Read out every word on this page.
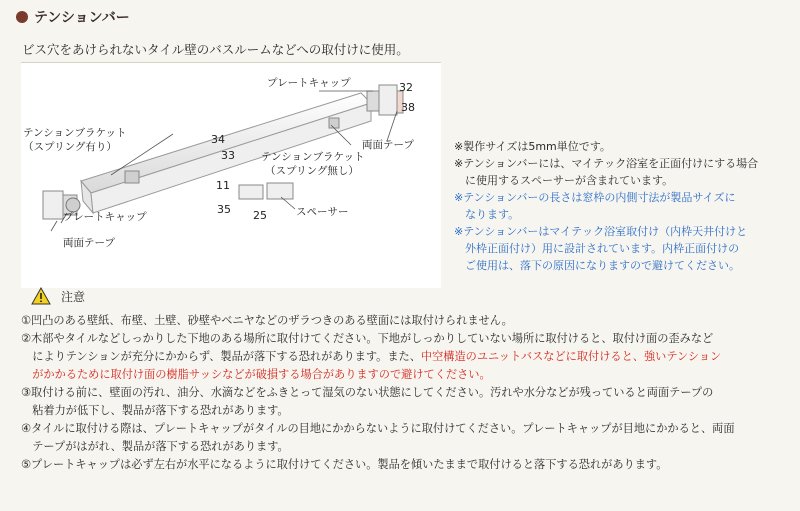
テンションバー
ビス穴をあけられないタイル壁のバスルームなどへの取付けに使用。
プレートキャップ	32
38
両面テープ
テンションブラケット
（スプリング有り）
34
33 テンションブラケット
（スプリング無し）
11
35 25	スペーサー
プレートキャップ
両面テープ

※製作サイズは5mm単位です。

※テンションバーには、マイテック浴室を正面付けにする場合

　に使用するスペーサーが含まれています。

※テンションバーの長さは窓枠の内側寸法が製品サイズに

　なります。

※テンションバーはマイテック浴室取付け（内枠天井付けと

　外枠正面付け）用に設計されています。内枠正面付けの

　ご使用は、落下の原因になりますので避けてください。

注意

①凹凸のある壁紙、布壁、土壁、砂壁やベニヤなどのザラつきのある壁面には取付けられません。

②木部やタイルなどしっかりした下地のある場所に取付けてください。下地がしっかりしていない場所に取付けると、取付け面の歪みなど

　によりテンションが充分にかからず、製品が落下する恐れがあります。また、中空構造のユニットバスなどに取付けると、強いテンション

　がかかるために取付け面の樹脂サッシなどが破損する場合がありますので避けてください。

③取付ける前に、壁面の汚れ、油分、水滴などをふきとって湿気のない状態にしてください。汚れや水分などが残っていると両面テープの

　粘着力が低下し、製品が落下する恐れがあります。

④タイルに取付ける際は、プレートキャップがタイルの目地にかからないように取付けてください。プレートキャップが目地にかかると、両面

　テープがはがれ、製品が落下する恐れがあります。

⑤プレートキャップは必ず左右が水平になるように取付けてください。製品を傾いたままで取付けると落下する恐れがあります。
